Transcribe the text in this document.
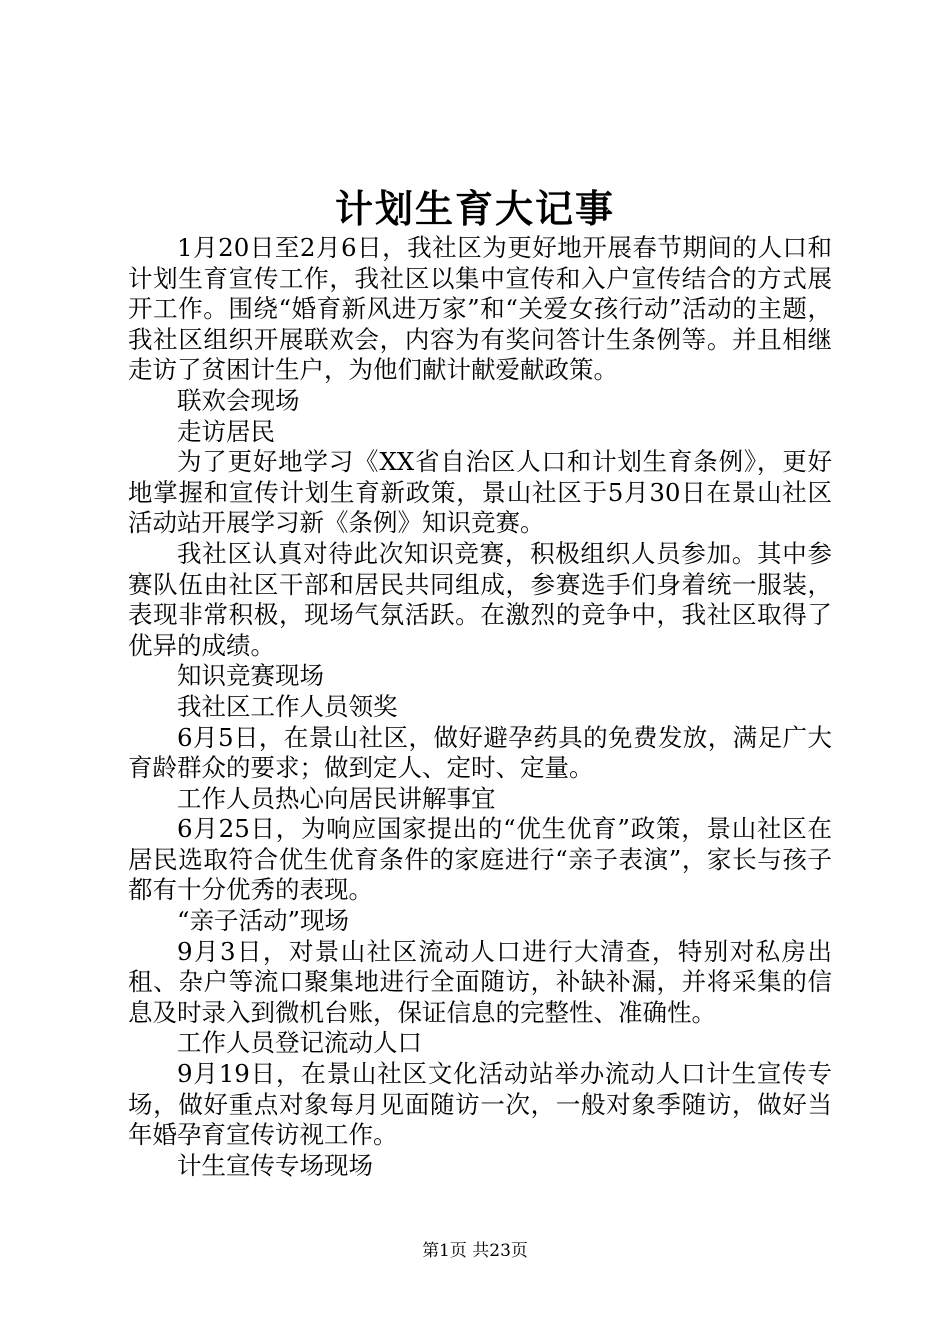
计划生育大记事

1月20日至2月6日，我社区为更好地开展春节期间的人口和计划生育宣传工作，我社区以集中宣传和入户宣传结合的方式展开工作。围绕“婚育新风进万家”和“关爱女孩行动”活动的主题，我社区组织开展联欢会，内容为有奖问答计生条例等。并且相继走访了贫困计生户，为他们献计献爱献政策。

联欢会现场

走访居民

为了更好地学习《XX省自治区人口和计划生育条例》，更好地掌握和宣传计划生育新政策，景山社区于5月30日在景山社区活动站开展学习新《条例》知识竞赛。

我社区认真对待此次知识竞赛，积极组织人员参加。其中参赛队伍由社区干部和居民共同组成，参赛选手们身着统一服装，表现非常积极，现场气氛活跃。在激烈的竞争中，我社区取得了优异的成绩。

知识竞赛现场

我社区工作人员领奖

6月5日，在景山社区，做好避孕药具的免费发放，满足广大育龄群众的要求；做到定人、定时、定量。

工作人员热心向居民讲解事宜

6月25日，为响应国家提出的“优生优育”政策，景山社区在居民选取符合优生优育条件的家庭进行“亲子表演”，家长与孩子都有十分优秀的表现。

“亲子活动”现场

9月3日，对景山社区流动人口进行大清查，特别对私房出租、杂户等流口聚集地进行全面随访，补缺补漏，并将采集的信息及时录入到微机台账，保证信息的完整性、准确性。

工作人员登记流动人口

9月19日，在景山社区文化活动站举办流动人口计生宣传专场，做好重点对象每月见面随访一次，一般对象季随访，做好当年婚孕育宣传访视工作。

计生宣传专场现场

第1页 共23页
